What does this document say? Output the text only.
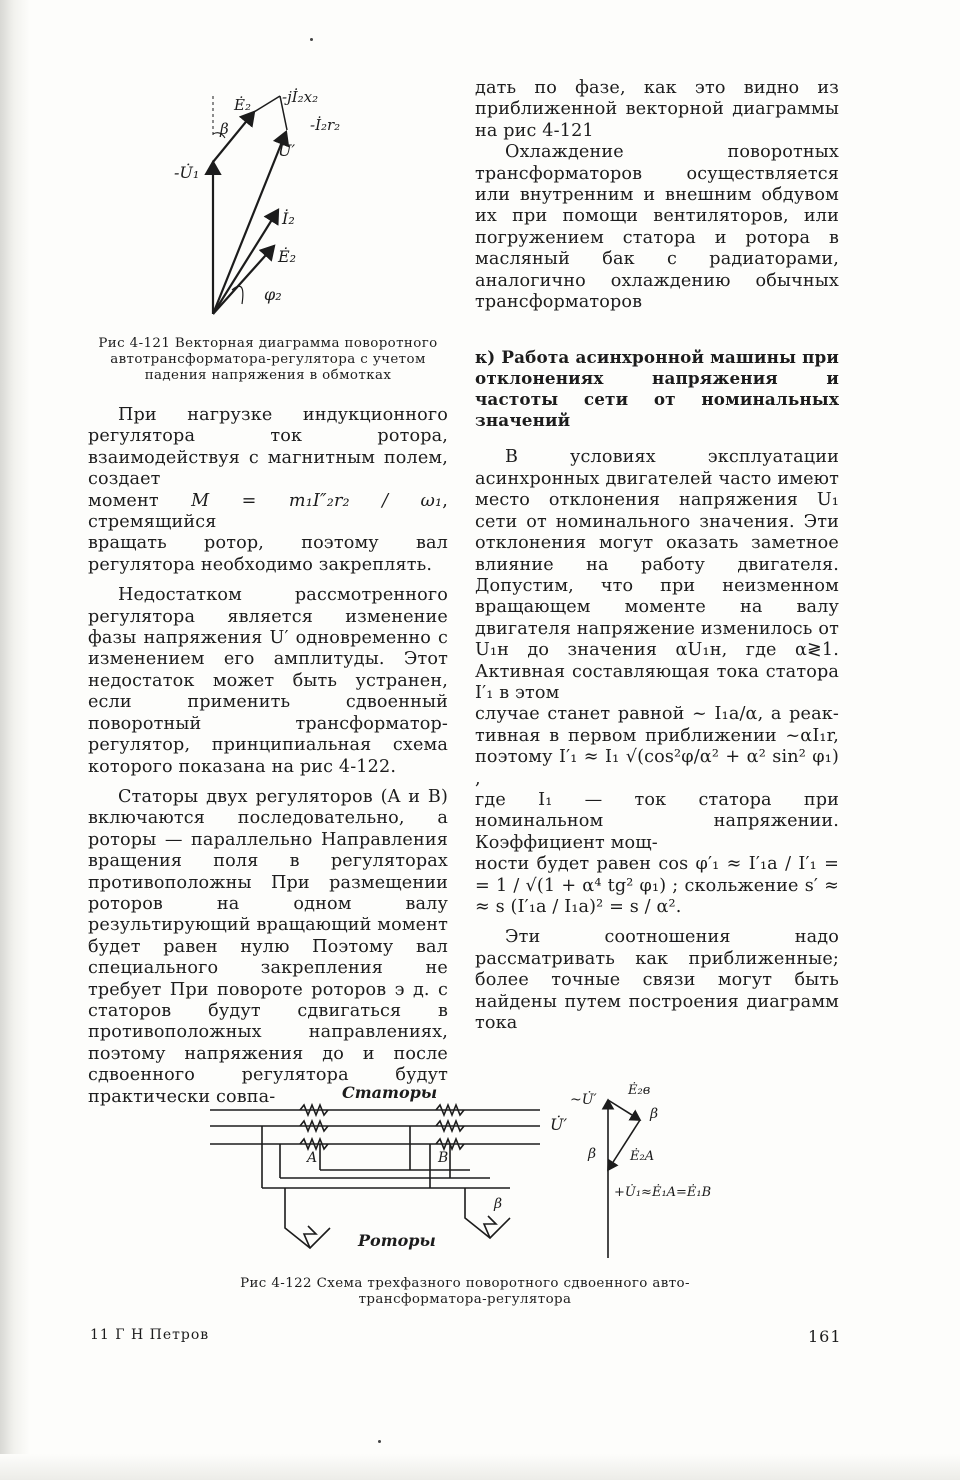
Ė₂ -jİ₂x₂
-İ₂r₂
β
U̇′
-U̇₁
İ₂
Ė₂
φ₂
Рис 4-121 Векторная диаграмма поворотного автотрансформатора-регулятора с учетом падения напряжения в обмотках

При нагрузке индукционного регулятора ток ротора, взаимодействуя с магнитным полем, создает

момент M = m₁I″₂r₂ / ω₁, стремящийся

вращать ротор, поэтому вал регулятора необходимо закреплять.

Недостатком рассмотренного регулятора является изменение фазы напряжения U′ одновременно с изменением его амплитуды. Этот недостаток может быть устранен, если применить сдвоенный поворотный трансформатор-регулятор, принципиальная схема которого показана на рис 4-122.

Статоры двух регуляторов (A и B) включаются последовательно, а роторы — параллельно Направления вращения поля в регуляторах противоположны При размещении роторов на одном валу результирующий вращающий момент будет равен нулю Поэтому вал специального закрепления не требует При повороте роторов э д. с статоров будут сдвигаться в противоположных направлениях, поэтому напряжения до и после сдвоенного регулятора будут практически совпа-

дать по фазе, как это видно из приближенной векторной диаграммы на рис 4-121

Охлаждение поворотных трансформаторов осуществляется или внутренним и внешним обдувом их при помощи вентиляторов, или погружением статора и ротора в масляный бак с радиаторами, аналогично охлаждению обычных трансформаторов

к) Работа асинхронной машины при отклонениях напряжения и частоты сети от номинальных значений

В условиях эксплуатации асинхронных двигателей часто имеют место отклонения напряжения U₁ сети от номинального значения. Эти отклонения могут оказать заметное влияние на работу двигателя. Допустим, что при неизменном вращающем моменте на валу двигателя напряжение изменилось от U₁н до значения αU₁н, где α≷1. Активная составляющая тока статора I′₁ в этом

случае станет равной ~ I₁а/α, а реак-

тивная в первом приближении ~αI₁r,

поэтому I′₁ ≈ I₁ √(cos²φ/α² + α² sin² φ₁) ,

где I₁ — ток статора при номинальном напряжении. Коэффициент мощ-

ности будет равен cos φ′₁ ≈ I′₁а / I′₁ =

= 1 / √(1 + α⁴ tg² φ₁) ; скольжение s′ ≈

≈ s (I′₁а / I₁а)² = s / α².

Эти соотношения надо рассматривать как приближенные; более точные связи могут быть найдены путем построения диаграмм тока

Статоры
Роторы
A	B
β
U̇′
~U̇′
Ė₂в
β
β	Ė₂A
+U̇₁≈Ė₁A=Ė₁B
Рис 4-122 Схема трехфазного поворотного сдвоенного авто-
трансформатора-регулятора
11 Г Н Петров	161
